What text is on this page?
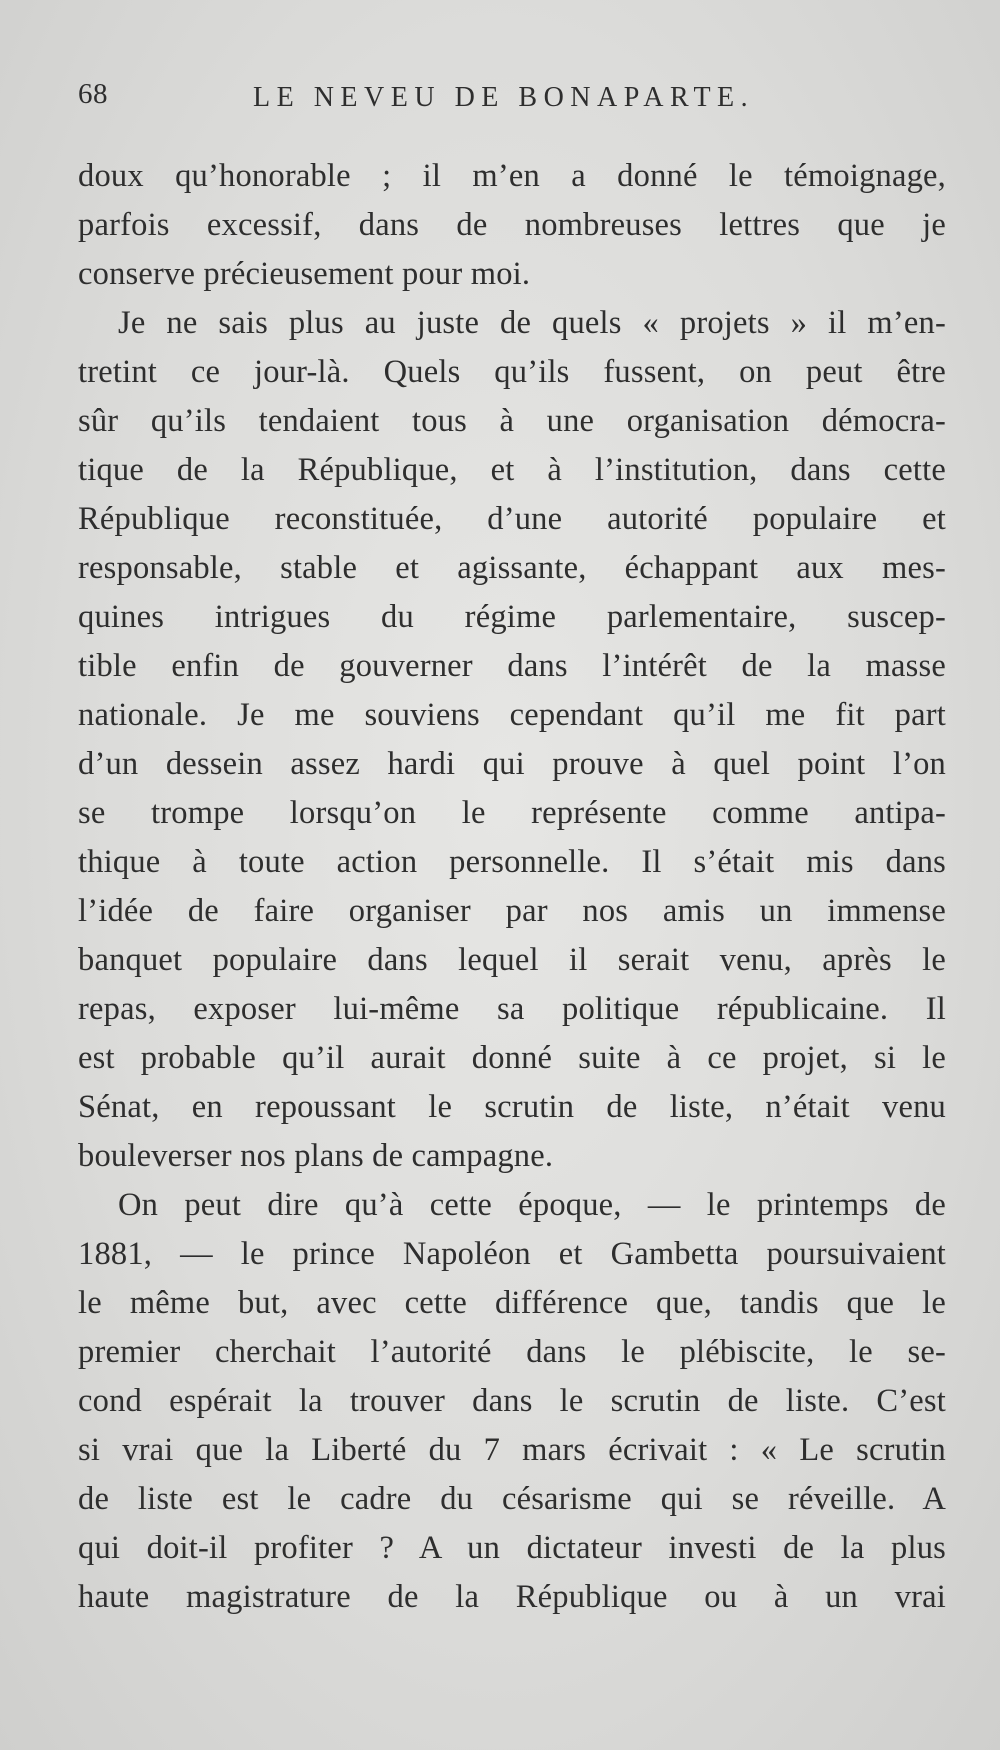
68	LE NEVEU DE BONAPARTE.
doux qu’honorable ; il m’en a donné le témoignage,
parfois excessif, dans de nombreuses lettres que je
conserve précieusement pour moi.
Je ne sais plus au juste de quels « projets » il m’en-
tretint ce jour-là. Quels qu’ils fussent, on peut être
sûr qu’ils tendaient tous à une organisation démocra-
tique de la République, et à l’institution, dans cette
République reconstituée, d’une autorité populaire et
responsable, stable et agissante, échappant aux mes-
quines intrigues du régime parlementaire, suscep-
tible enfin de gouverner dans l’intérêt de la masse
nationale. Je me souviens cependant qu’il me fit part
d’un dessein assez hardi qui prouve à quel point l’on
se trompe lorsqu’on le représente comme antipa-
thique à toute action personnelle. Il s’était mis dans
l’idée de faire organiser par nos amis un immense
banquet populaire dans lequel il serait venu, après le
repas, exposer lui-même sa politique républicaine. Il
est probable qu’il aurait donné suite à ce projet, si le
Sénat, en repoussant le scrutin de liste, n’était venu
bouleverser nos plans de campagne.
On peut dire qu’à cette époque, — le printemps de
1881, — le prince Napoléon et Gambetta poursuivaient
le même but, avec cette différence que, tandis que le
premier cherchait l’autorité dans le plébiscite, le se-
cond espérait la trouver dans le scrutin de liste. C’est
si vrai que la Liberté du 7 mars écrivait : « Le scrutin
de liste est le cadre du césarisme qui se réveille. A
qui doit-il profiter ? A un dictateur investi de la plus
haute magistrature de la République ou à un vrai
